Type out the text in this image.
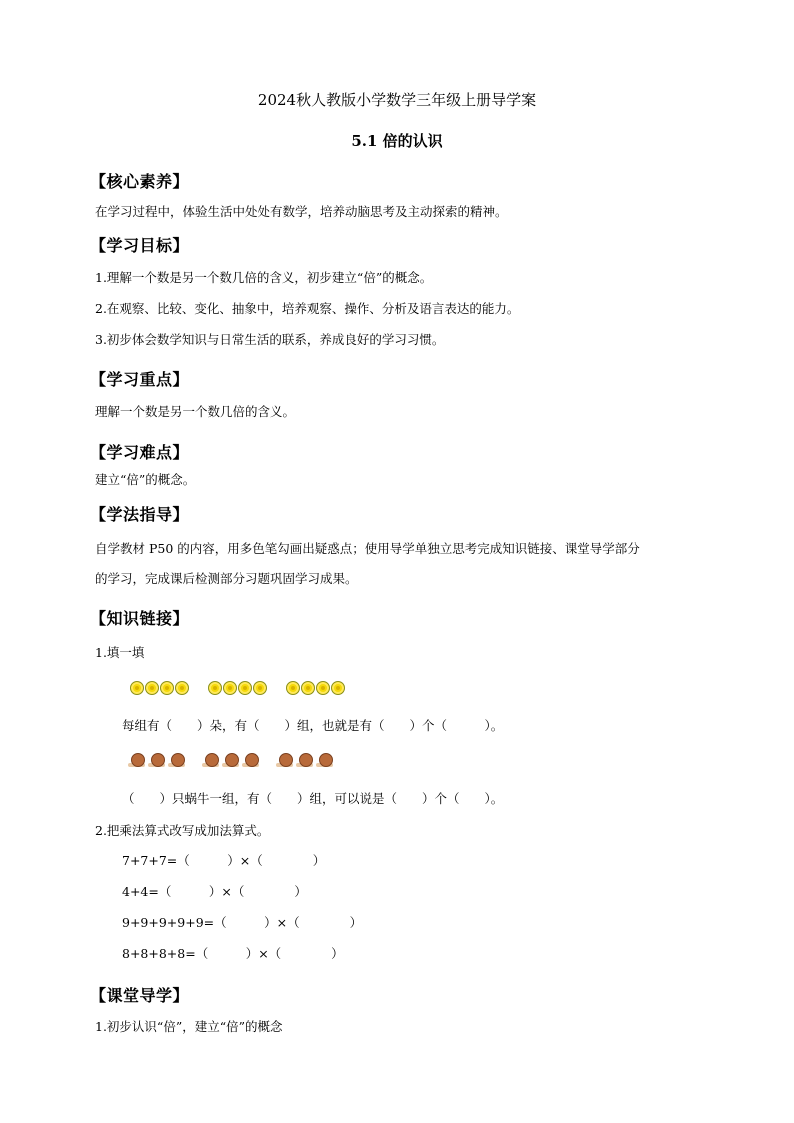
2024秋人教版小学数学三年级上册导学案
5.1 倍的认识
【核心素养】
在学习过程中，体验生活中处处有数学，培养动脑思考及主动探索的精神。
【学习目标】
1.理解一个数是另一个数几倍的含义，初步建立“倍”的概念。
2.在观察、比较、变化、抽象中，培养观察、操作、分析及语言表达的能力。
3.初步体会数学知识与日常生活的联系，养成良好的学习习惯。
【学习重点】
理解一个数是另一个数几倍的含义。
【学习难点】
建立“倍”的概念。
【学法指导】
自学教材 P50 的内容，用多色笔勾画出疑惑点；使用导学单独立思考完成知识链接、课堂导学部分
的学习，完成课后检测部分习题巩固学习成果。
【知识链接】
1.填一填
每组有（　　）朵，有（　　）组，也就是有（　　）个（　　　）。
（　　）只蜗牛一组，有（　　）组，可以说是（　　）个（　　）。
2.把乘法算式改写成加法算式。
7+7+7=（　　　）×（　　　　）
4+4=（　　　）×（　　　　）
9+9+9+9+9=（　　　）×（　　　　）
8+8+8+8=（　　　）×（　　　　）
【课堂导学】
1.初步认识“倍”，建立“倍”的概念
